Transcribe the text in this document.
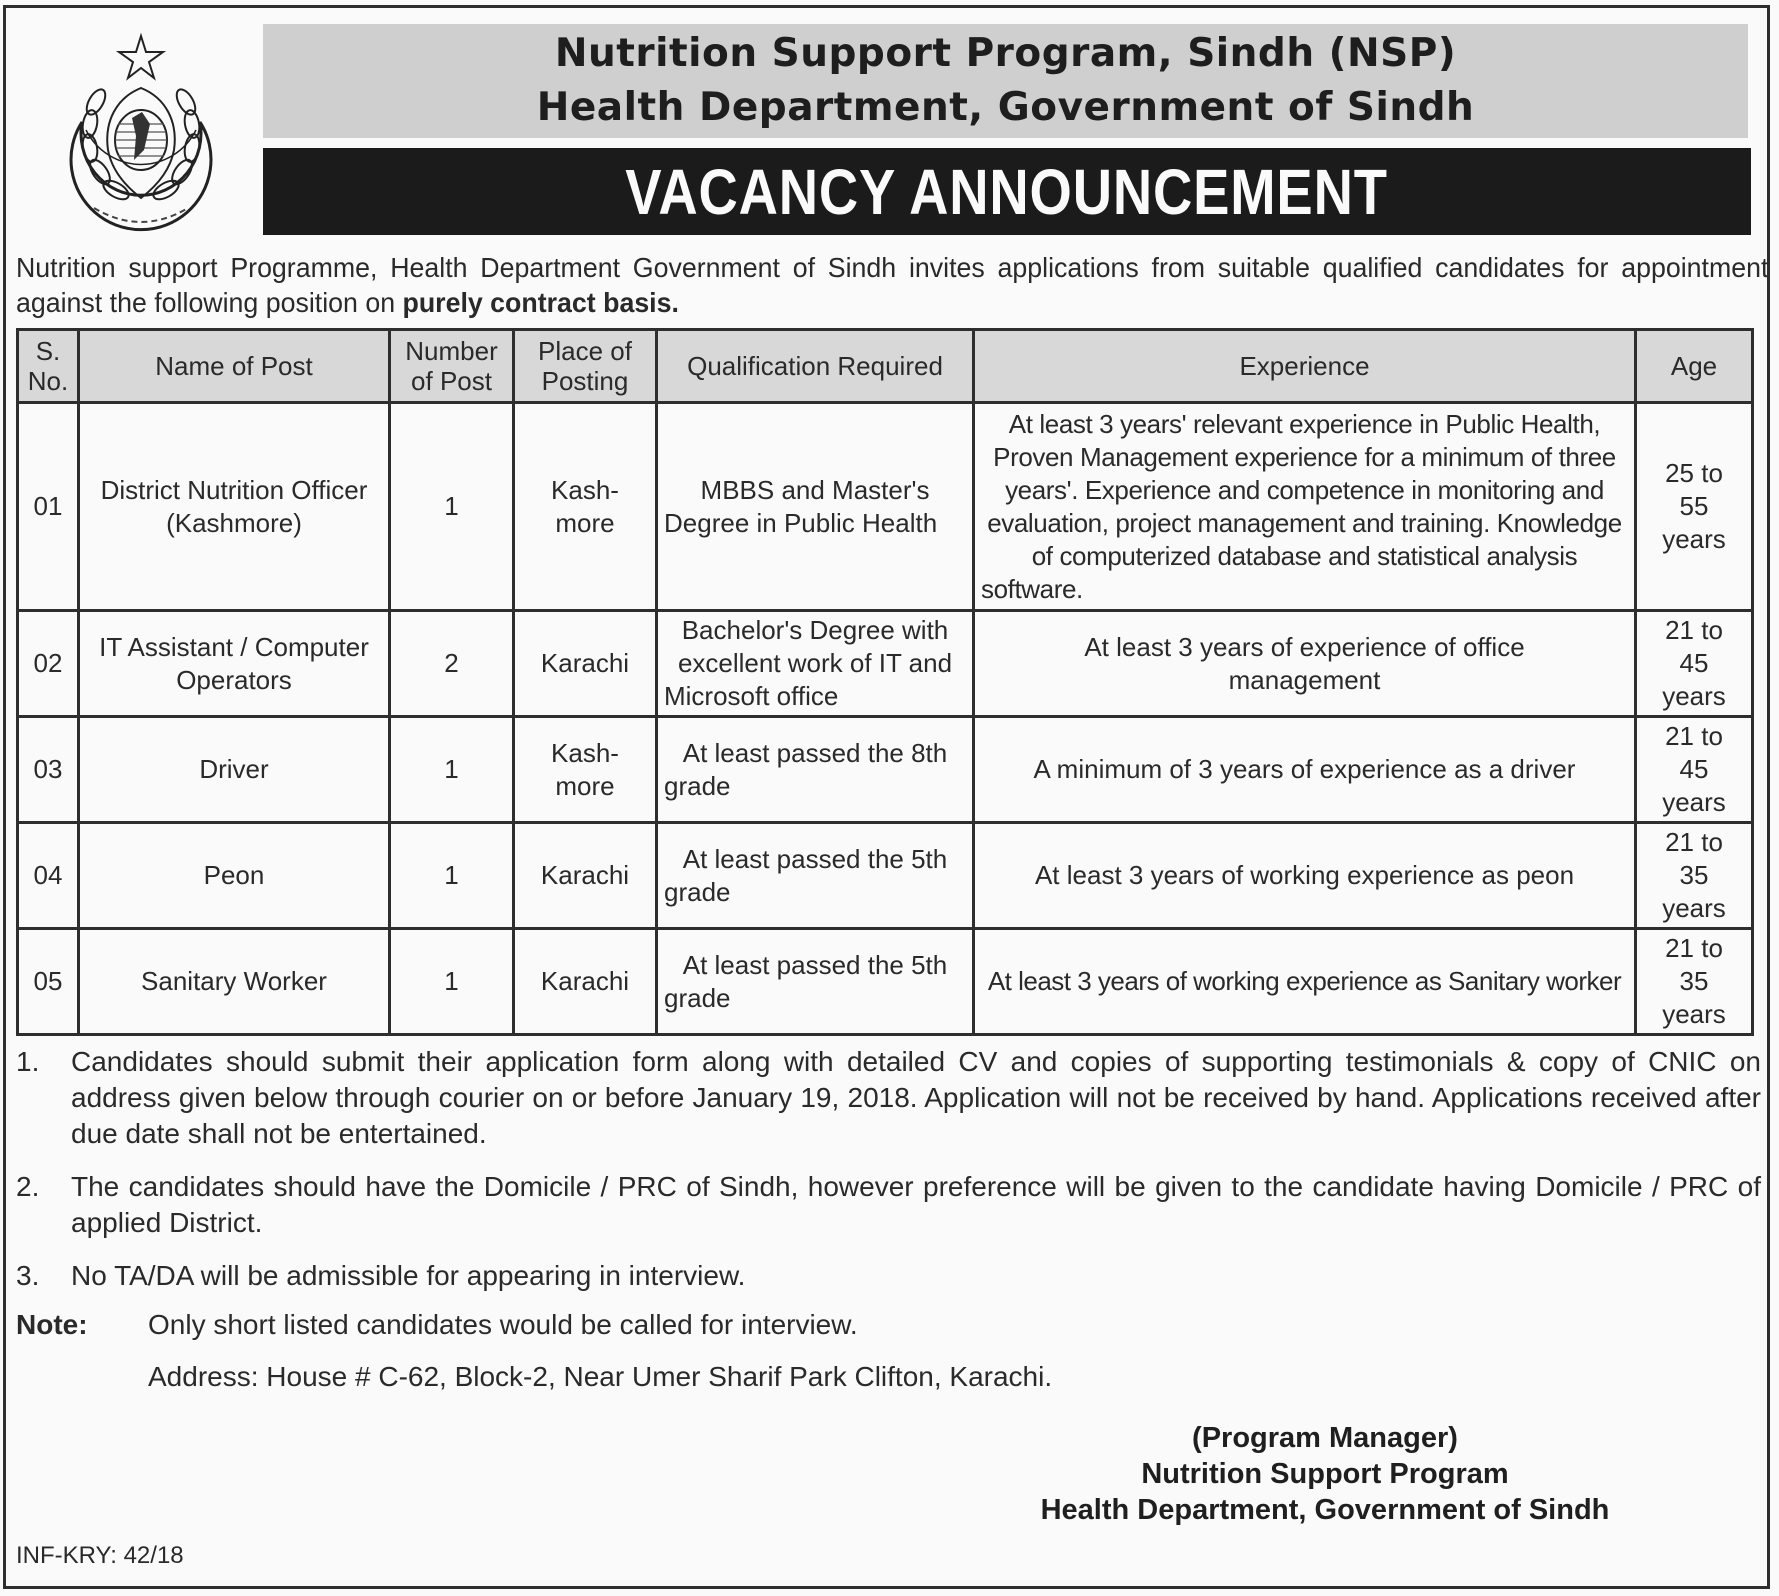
Nutrition Support Program, Sindh (NSP)
Health Department, Government of Sindh
VACANCY ANNOUNCEMENT
Nutrition support Programme, Health Department Government of Sindh invites applications from suitable qualified candidates for appointment against the following position on purely contract basis.
S. No.	Name of Post	Number of Post	Place of Posting	Qualification Required	Experience	Age
01	District Nutrition Officer (Kashmore)	1	Kash-more	MBBS and Master's Degree in Public Health	At least 3 years' relevant experience in Public Health, Proven Management experience for a minimum of three years'. Experience and competence in monitoring and evaluation, project management and training. Knowledge of computerized database and statistical analysis software.	25 to 55 years
02	IT Assistant / Computer Operators	2	Karachi	Bachelor's Degree with excellent work of IT and Microsoft office	At least 3 years of experience of office management	21 to 45 years
03	Driver	1	Kash-more	At least passed the 8th grade	A minimum of 3 years of experience as a driver	21 to 45 years
04	Peon	1	Karachi	At least passed the 5th grade	At least 3 years of working experience as peon	21 to 35 years
05	Sanitary Worker	1	Karachi	At least passed the 5th grade	At least 3 years of working experience as Sanitary worker	21 to 35 years
1.	Candidates should submit their application form along with detailed CV and copies of supporting testimonials & copy of CNIC on address given below through courier on or before January 19, 2018. Application will not be received by hand. Applications received after due date shall not be entertained.
2.	The candidates should have the Domicile / PRC of Sindh, however preference will be given to the candidate having Domicile / PRC of applied District.
3.	No TA/DA will be admissible for appearing in interview.
Note: Only short listed candidates would be called for interview.
Address: House # C-62, Block-2, Near Umer Sharif Park Clifton, Karachi.
(Program Manager)
Nutrition Support Program
Health Department, Government of Sindh
INF-KRY: 42/18
